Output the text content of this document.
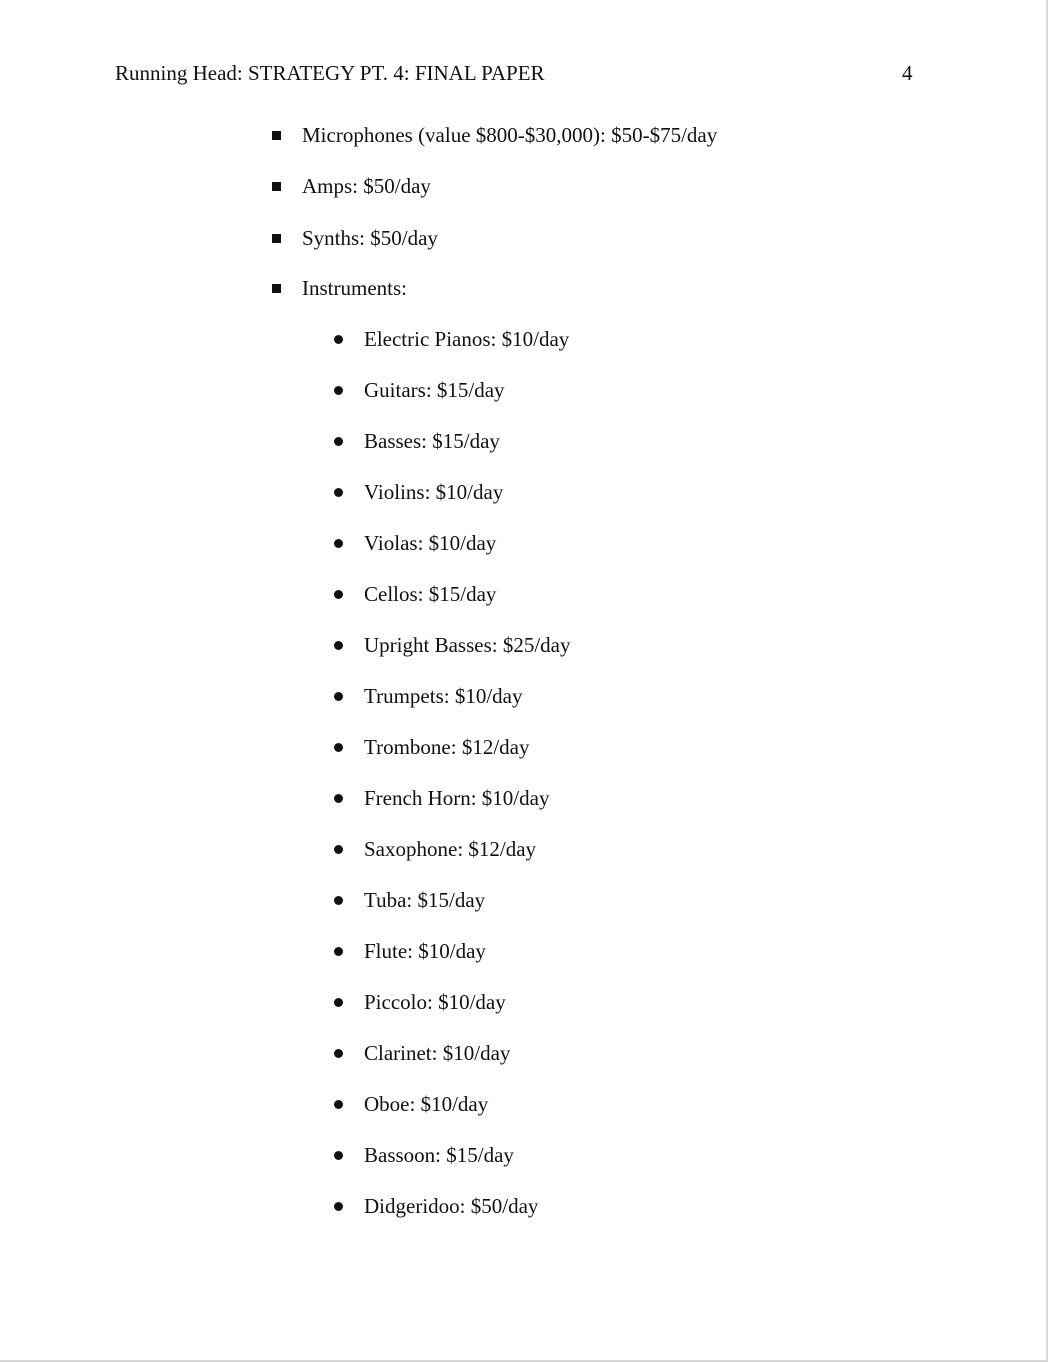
Running Head: STRATEGY PT. 4: FINAL PAPER	4
Microphones (value $800-$30,000): $50-$75/day
Amps: $50/day
Synths: $50/day
Instruments:
Electric Pianos: $10/day
Guitars: $15/day
Basses: $15/day
Violins: $10/day
Violas: $10/day
Cellos: $15/day
Upright Basses: $25/day
Trumpets: $10/day
Trombone: $12/day
French Horn: $10/day
Saxophone: $12/day
Tuba: $15/day
Flute: $10/day
Piccolo: $10/day
Clarinet: $10/day
Oboe: $10/day
Bassoon: $15/day
Didgeridoo: $50/day
